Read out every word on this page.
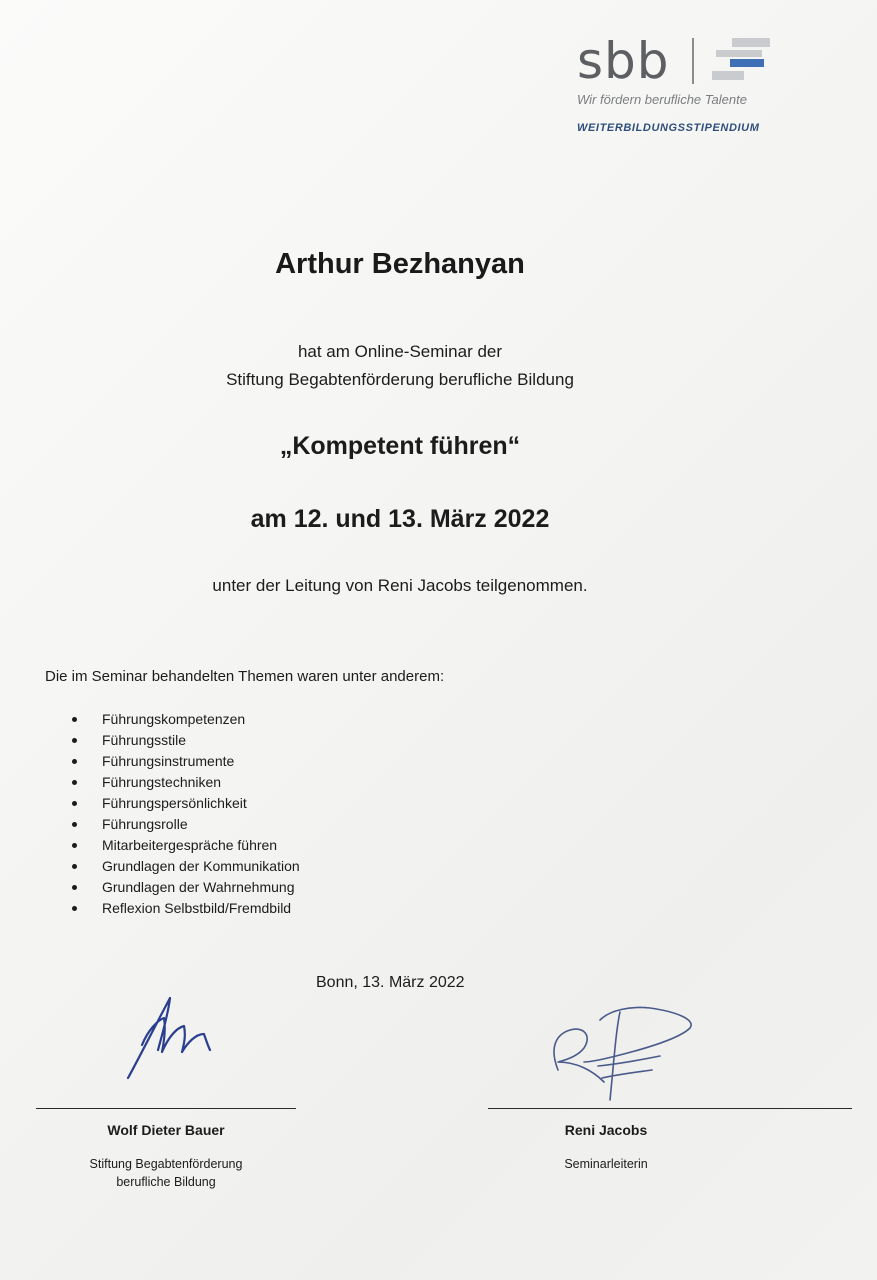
sbb
Wir fördern berufliche Talente
WEITERBILDUNGSSTIPENDIUM
Arthur Bezhanyan
hat am Online-Seminar der
Stiftung Begabtenförderung berufliche Bildung
„Kompetent führen“
am 12. und 13. März 2022
unter der Leitung von Reni Jacobs teilgenommen.
Die im Seminar behandelten Themen waren unter anderem:
Führungskompetenzen
Führungsstile
Führungsinstrumente
Führungstechniken
Führungspersönlichkeit
Führungsrolle
Mitarbeitergespräche führen
Grundlagen der Kommunikation
Grundlagen der Wahrnehmung
Reflexion Selbstbild/Fremdbild
Bonn, 13. März 2022
Wolf Dieter Bauer	Reni Jacobs
Stiftung Begabtenförderung
berufliche Bildung
Seminarleiterin
